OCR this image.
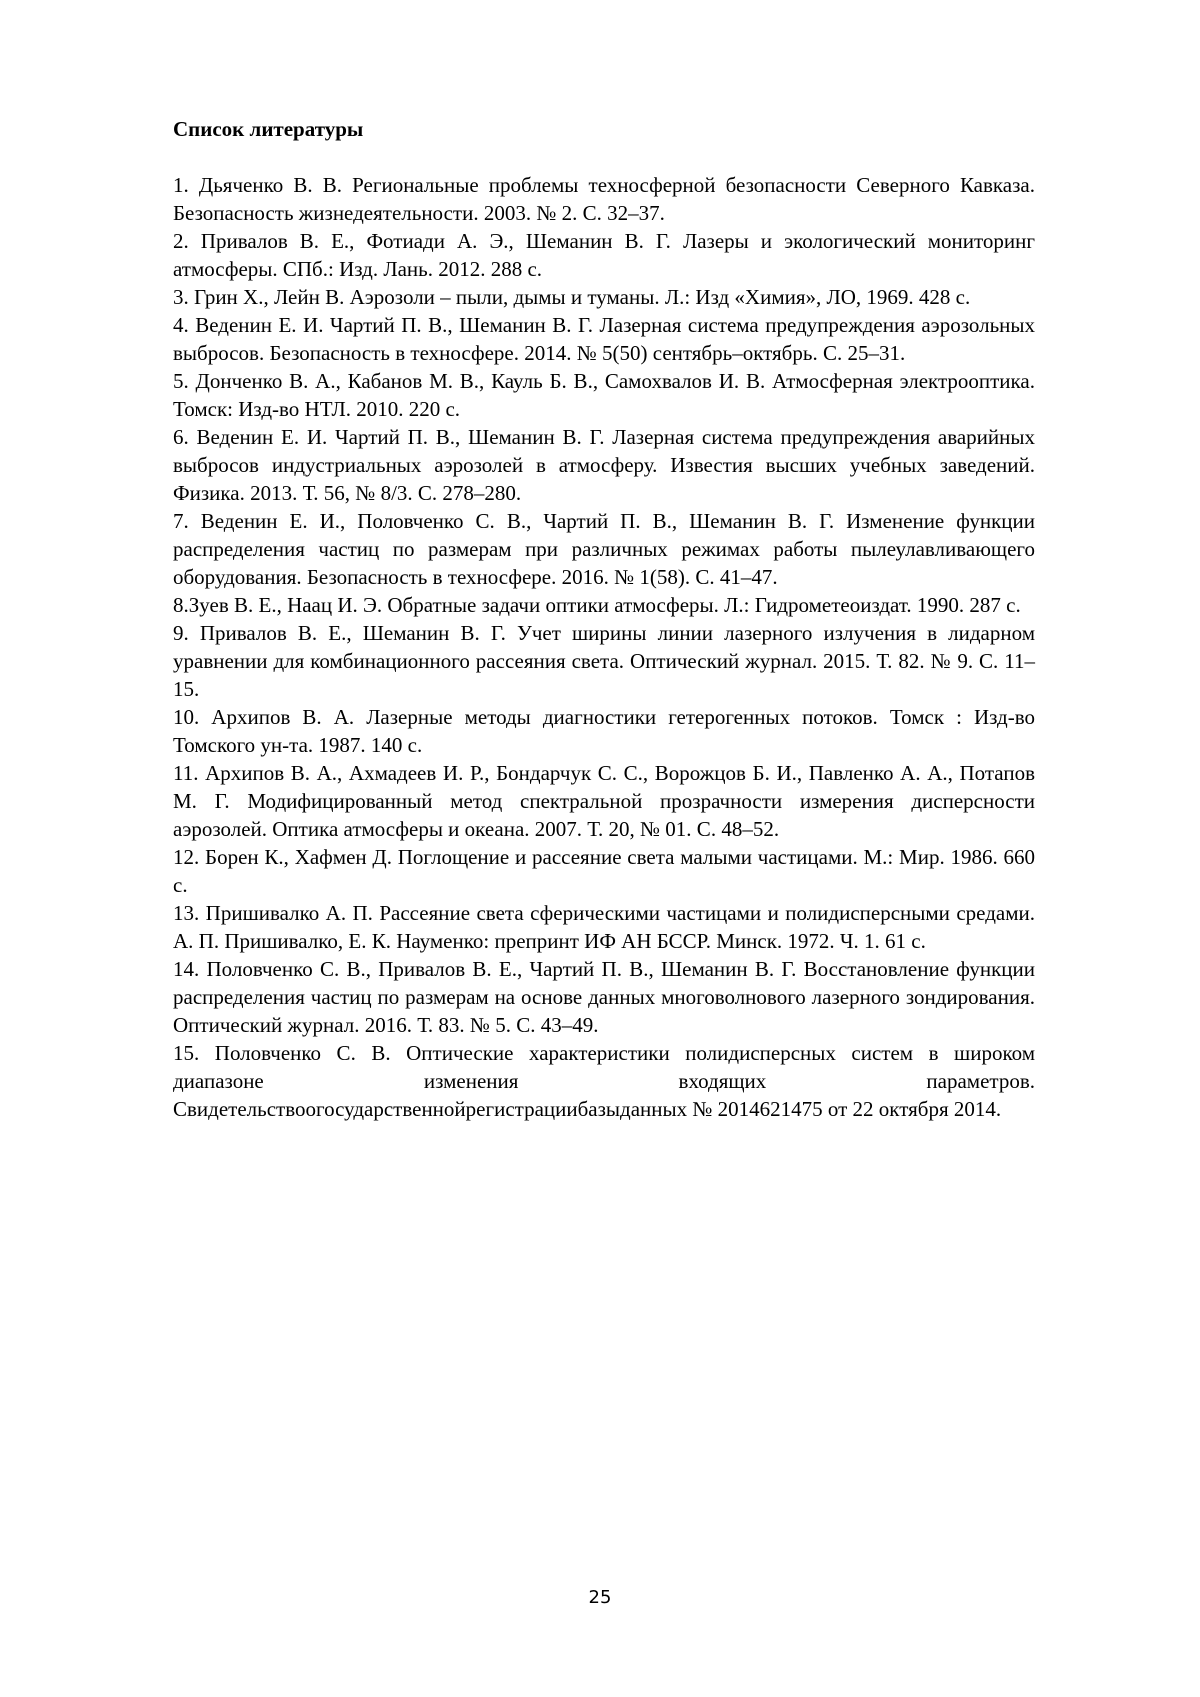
Список литературы
1. Дьяченко В. В. Региональные проблемы техносферной безопасности Северного Кавказа. Безопасность жизнедеятельности. 2003. № 2. С. 32–37.
2. Привалов В. Е., Фотиади А. Э., Шеманин В. Г. Лазеры и экологический мониторинг атмосферы. СПб.: Изд. Лань. 2012. 288 с.
3. Грин Х., Лейн В. Аэрозоли – пыли, дымы и туманы. Л.: Изд «Химия», ЛО, 1969. 428 с.
4. Веденин Е. И. Чартий П. В., Шеманин В. Г. Лазерная система предупреждения аэрозольных выбросов. Безопасность в техносфере. 2014. № 5(50) сентябрь–октябрь. С. 25–31.
5. Донченко В. А., Кабанов М. В., Кауль Б. В., Самохвалов И. В. Атмосферная электрооптика. Томск: Изд-во НТЛ. 2010. 220 с.
6. Веденин Е. И. Чартий П. В., Шеманин В. Г. Лазерная система предупреждения аварийных выбросов индустриальных аэрозолей в атмосферу. Известия высших учебных заведений. Физика. 2013. Т. 56, № 8/3. С. 278–280.
7. Веденин Е. И., Половченко С. В., Чартий П. В., Шеманин В. Г. Изменение функции распределения частиц по размерам при различных режимах работы пылеулавливающего оборудования. Безопасность в техносфере. 2016. № 1(58). С. 41–47.
8.Зуев В. Е., Наац И. Э. Обратные задачи оптики атмосферы. Л.: Гидрометеоиздат. 1990. 287 с.
9. Привалов В. Е., Шеманин В. Г. Учет ширины линии лазерного излучения в лидарном уравнении для комбинационного рассеяния света. Оптический журнал. 2015. Т. 82. № 9. С. 11–15.
10. Архипов В. А. Лазерные методы диагностики гетерогенных потоков. Томск : Изд-во Томского ун-та. 1987. 140 с.
11. Архипов В. А., Ахмадеев И. Р., Бондарчук С. С., Ворожцов Б. И., Павленко А. А., Потапов М. Г. Модифицированный метод спектральной прозрачности измерения дисперсности аэрозолей. Оптика атмосферы и океана. 2007. Т. 20, № 01. С. 48–52.
12. Борен К., Хафмен Д. Поглощение и рассеяние света малыми частицами. М.: Мир. 1986. 660 с.
13. Пришивалко А. П. Рассеяние света сферическими частицами и полидисперсными средами. А. П. Пришивалко, Е. К. Науменко: препринт ИФ АН БССР. Минск. 1972. Ч. 1. 61 с.
14. Половченко С. В., Привалов В. Е., Чартий П. В., Шеманин В. Г. Восстановление функции распределения частиц по размерам на основе данных многоволнового лазерного зондирования. Оптический журнал. 2016. Т. 83. № 5. С. 43–49.
15. Половченко С. В. Оптические характеристики полидисперсных систем в широком диапазоне изменения входящих параметров. Свидетельствоогосударственнойрегистрациибазыданных № 2014621475 от 22 октября 2014.
25
